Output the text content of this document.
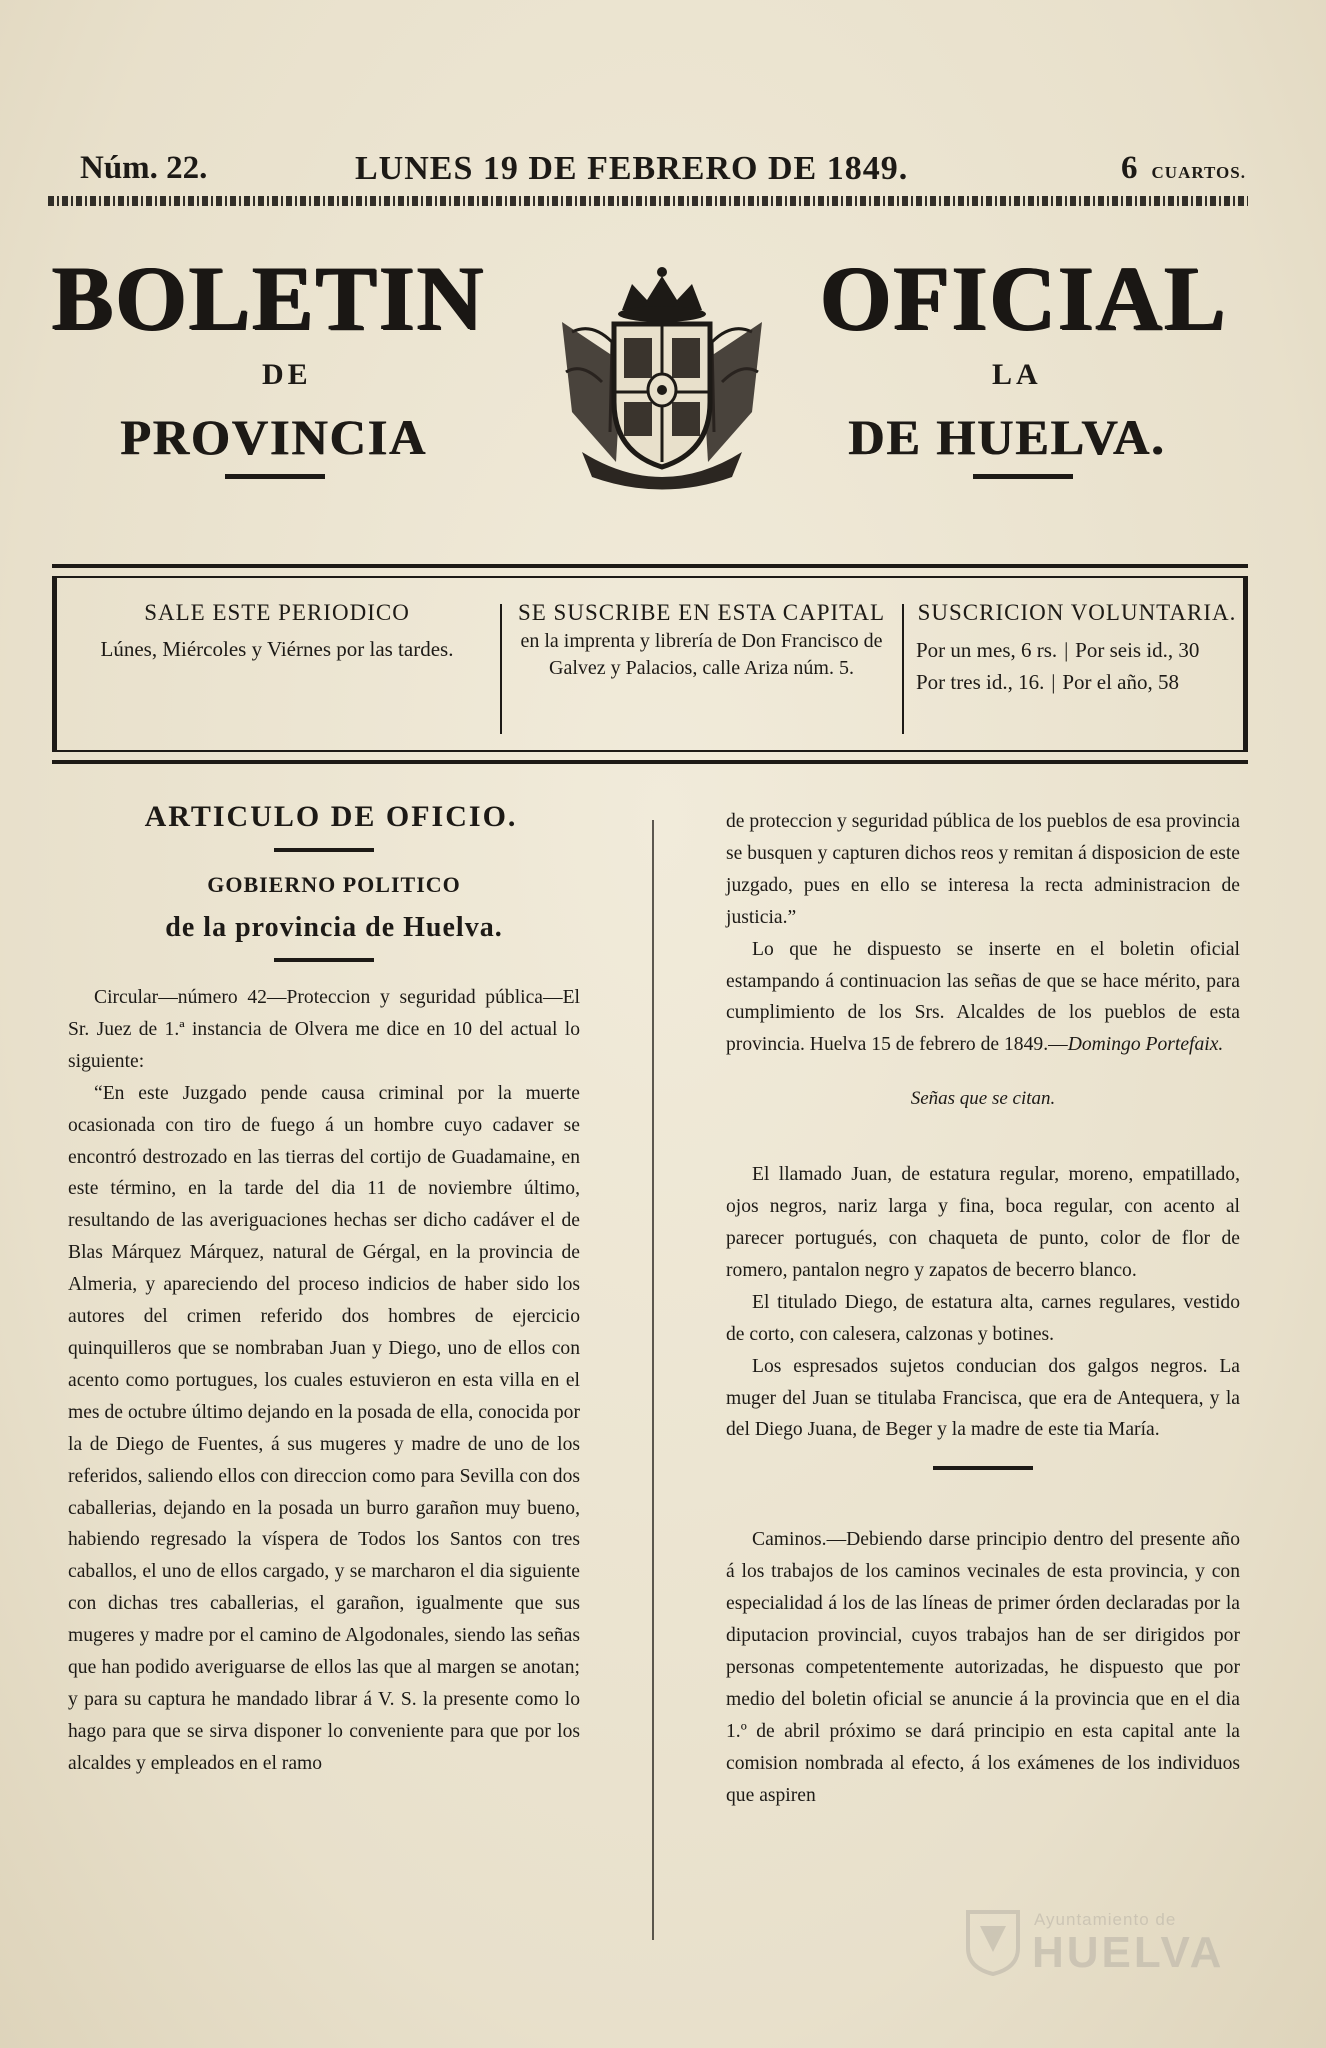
Núm. 22.	LUNES 19 DE FEBRERO DE 1849.	6 CUARTOS.
BOLETIN	OFICIAL
DE	LA
PROVINCIA	DE HUELVA.
SALE ESTE PERIODICO
Lúnes, Miércoles y Viérnes por las tardes.
SE SUSCRIBE EN ESTA CAPITAL
en la imprenta y librería de Don Francisco de Galvez y Palacios, calle Ariza núm. 5.
SUSCRICION VOLUNTARIA.
Por un mes, 6 rs. | Por seis id., 30
Por tres id., 16. | Por el año, 58
ARTICULO DE OFICIO.
GOBIERNO POLITICO
de la provincia de Huelva.

Circular—número 42—Proteccion y seguridad pública—El Sr. Juez de 1.ª instancia de Olvera me dice en 10 del actual lo siguiente:

“En este Juzgado pende causa criminal por la muerte ocasionada con tiro de fuego á un hombre cuyo cadaver se encontró destrozado en las tierras del cortijo de Guadamaine, en este término, en la tarde del dia 11 de noviembre último, resultando de las averiguaciones hechas ser dicho cadáver el de Blas Márquez Márquez, natural de Gérgal, en la provincia de Almeria, y apareciendo del proceso indicios de haber sido los autores del crimen referido dos hombres de ejercicio quinquilleros que se nombraban Juan y Diego, uno de ellos con acento como portugues, los cuales estuvieron en esta villa en el mes de octubre último dejando en la posada de ella, conocida por la de Diego de Fuentes, á sus mugeres y madre de uno de los referidos, saliendo ellos con direccion como para Sevilla con dos caballerias, dejando en la posada un burro garañon muy bueno, habiendo regresado la víspera de Todos los Santos con tres caballos, el uno de ellos cargado, y se marcharon el dia siguiente con dichas tres caballerias, el garañon, igualmente que sus mugeres y madre por el camino de Algodonales, siendo las señas que han podido averiguarse de ellos las que al margen se anotan; y para su captura he mandado librar á V. S. la presente como lo hago para que se sirva disponer lo conveniente para que por los alcaldes y empleados en el ramo

de proteccion y seguridad pública de los pueblos de esa provincia se busquen y capturen dichos reos y remitan á disposicion de este juzgado, pues en ello se interesa la recta administracion de justicia.”

Lo que he dispuesto se inserte en el boletin oficial estampando á continuacion las señas de que se hace mérito, para cumplimiento de los Srs. Alcaldes de los pueblos de esta provincia. Huelva 15 de febrero de 1849.—Domingo Portefaix.

Señas que se citan.

El llamado Juan, de estatura regular, moreno, empatillado, ojos negros, nariz larga y fina, boca regular, con acento al parecer portugués, con chaqueta de punto, color de flor de romero, pantalon negro y zapatos de becerro blanco.

El titulado Diego, de estatura alta, carnes regulares, vestido de corto, con calesera, calzonas y botines.

Los espresados sujetos conducian dos galgos negros. La muger del Juan se titulaba Francisca, que era de Antequera, y la del Diego Juana, de Beger y la madre de este tia María.

Caminos.—Debiendo darse principio dentro del presente año á los trabajos de los caminos vecinales de esta provincia, y con especialidad á los de las líneas de primer órden declaradas por la diputacion provincial, cuyos trabajos han de ser dirigidos por personas competentemente autorizadas, he dispuesto que por medio del boletin oficial se anuncie á la provincia que en el dia 1.º de abril próximo se dará principio en esta capital ante la comision nombrada al efecto, á los exámenes de los individuos que aspiren

Ayuntamiento de
HUELVA
